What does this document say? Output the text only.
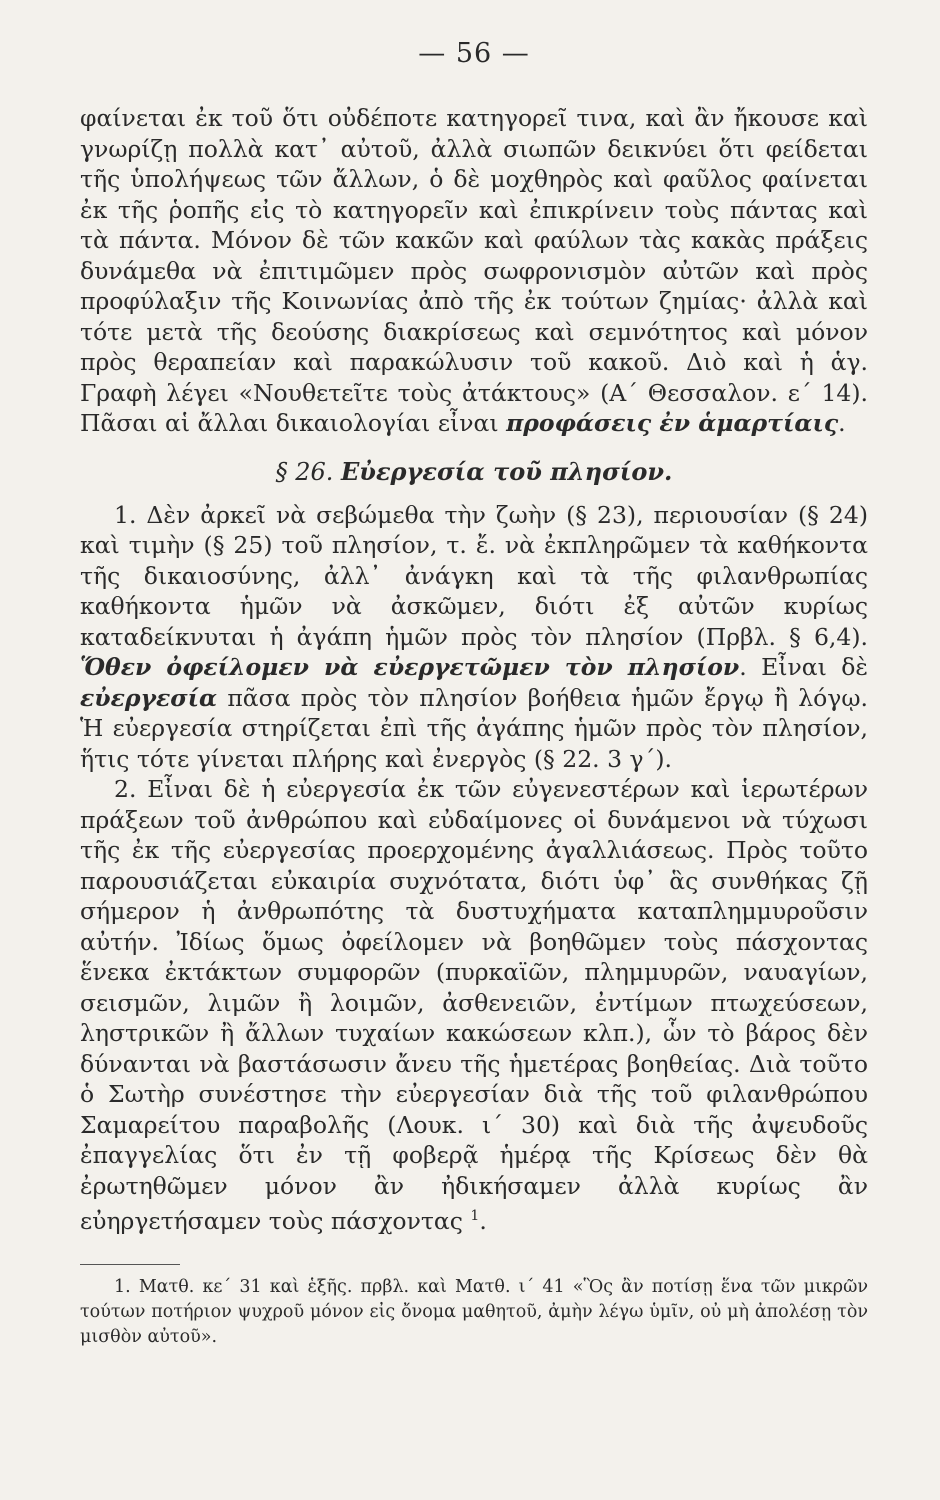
— 56 —

φαίνεται ἐκ τοῦ ὅτι οὐδέποτε κατηγορεῖ τινα, καὶ ἂν ἤκουσε καὶ γνωρίζῃ πολλὰ κατ᾽ αὐτοῦ, ἀλλὰ σιωπῶν δεικνύει ὅτι φείδεται τῆς ὑπολήψεως τῶν ἄλλων, ὁ δὲ μοχθηρὸς καὶ φαῦλος φαίνεται ἐκ τῆς ῥοπῆς εἰς τὸ κατηγορεῖν καὶ ἐπικρίνειν τοὺς πάντας καὶ τὰ πάντα. Μόνον δὲ τῶν κακῶν καὶ φαύλων τὰς κακὰς πράξεις δυνάμεθα νὰ ἐπιτιμῶμεν πρὸς σωφρονισμὸν αὐτῶν καὶ πρὸς προφύλαξιν τῆς Κοινωνίας ἀπὸ τῆς ἐκ τούτων ζημίας· ἀλλὰ καὶ τότε μετὰ τῆς δεούσης διακρίσεως καὶ σεμνότητος καὶ μόνον πρὸς θεραπείαν καὶ παρακώλυσιν τοῦ κακοῦ. Διὸ καὶ ἡ ἁγ. Γραφὴ λέγει «Νουθετεῖτε τοὺς ἀτάκτους» (Α΄ Θεσσαλον. ε΄ 14). Πᾶσαι αἱ ἄλλαι δικαιολογίαι εἶναι προφάσεις ἐν ἁμαρτίαις.

§ 26. Εὐεργεσία τοῦ πλησίον.

1. Δὲν ἀρκεῖ νὰ σεβώμεθα τὴν ζωὴν (§ 23), περιουσίαν (§ 24) καὶ τιμὴν (§ 25) τοῦ πλησίον, τ. ἔ. νὰ ἐκπληρῶμεν τὰ καθήκοντα τῆς δικαιοσύνης, ἀλλ᾽ ἀνάγκη καὶ τὰ τῆς φιλανθρωπίας καθήκοντα ἡμῶν νὰ ἀσκῶμεν, διότι ἐξ αὐτῶν κυρίως καταδείκνυται ἡ ἀγάπη ἡμῶν πρὸς τὸν πλησίον (Πρβλ. § 6,4). Ὅθεν ὀφείλομεν νὰ εὐεργετῶμεν τὸν πλησίον. Εἶναι δὲ εὐεργεσία πᾶσα πρὸς τὸν πλησίον βοήθεια ἡμῶν ἔργῳ ἢ λόγῳ. Ἡ εὐεργεσία στηρίζεται ἐπὶ τῆς ἀγάπης ἡμῶν πρὸς τὸν πλησίον, ἥτις τότε γίνεται πλήρης καὶ ἐνεργὸς (§ 22. 3 γ΄).

2. Εἶναι δὲ ἡ εὐεργεσία ἐκ τῶν εὐγενεστέρων καὶ ἱερωτέρων πράξεων τοῦ ἀνθρώπου καὶ εὐδαίμονες οἱ δυνάμενοι νὰ τύχωσι τῆς ἐκ τῆς εὐεργεσίας προερχομένης ἀγαλλιάσεως. Πρὸς τοῦτο παρουσιάζεται εὐκαιρία συχνότατα, διότι ὑφ᾽ ἃς συνθήκας ζῇ σήμερον ἡ ἀνθρωπότης τὰ δυστυχήματα καταπλημμυροῦσιν αὐτήν. Ἰδίως ὅμως ὀφείλομεν νὰ βοηθῶμεν τοὺς πάσχοντας ἕνεκα ἐκτάκτων συμφορῶν (πυρκαϊῶν, πλημμυρῶν, ναυαγίων, σεισμῶν, λιμῶν ἢ λοιμῶν, ἀσθενειῶν, ἐντίμων πτωχεύσεων, ληστρικῶν ἢ ἄλλων τυχαίων κακώσεων κλπ.), ὧν τὸ βάρος δὲν δύνανται νὰ βαστάσωσιν ἄνευ τῆς ἡμετέρας βοηθείας. Διὰ τοῦτο ὁ Σωτὴρ συνέστησε τὴν εὐεργεσίαν διὰ τῆς τοῦ φιλανθρώπου Σαμαρείτου παραβολῆς (Λουκ. ι΄ 30) καὶ διὰ τῆς ἀψευδοῦς ἐπαγγελίας ὅτι ἐν τῇ φοβερᾷ ἡμέρᾳ τῆς Κρίσεως δὲν θὰ ἐρωτηθῶμεν μόνον ἂν ἠδικήσαμεν ἀλλὰ κυρίως ἂν εὐηργετήσαμεν τοὺς πάσχοντας $^1$.

1. Ματθ. κε΄ 31 καὶ ἑξῆς. πρβλ. καὶ Ματθ. ι΄ 41 «Ὃς ἂν ποτίσῃ ἕνα τῶν μικρῶν τούτων ποτήριον ψυχροῦ μόνον εἰς ὄνομα μαθητοῦ, ἀμὴν λέγω ὑμῖν, οὐ μὴ ἀπολέσῃ τὸν μισθὸν αὐτοῦ».
